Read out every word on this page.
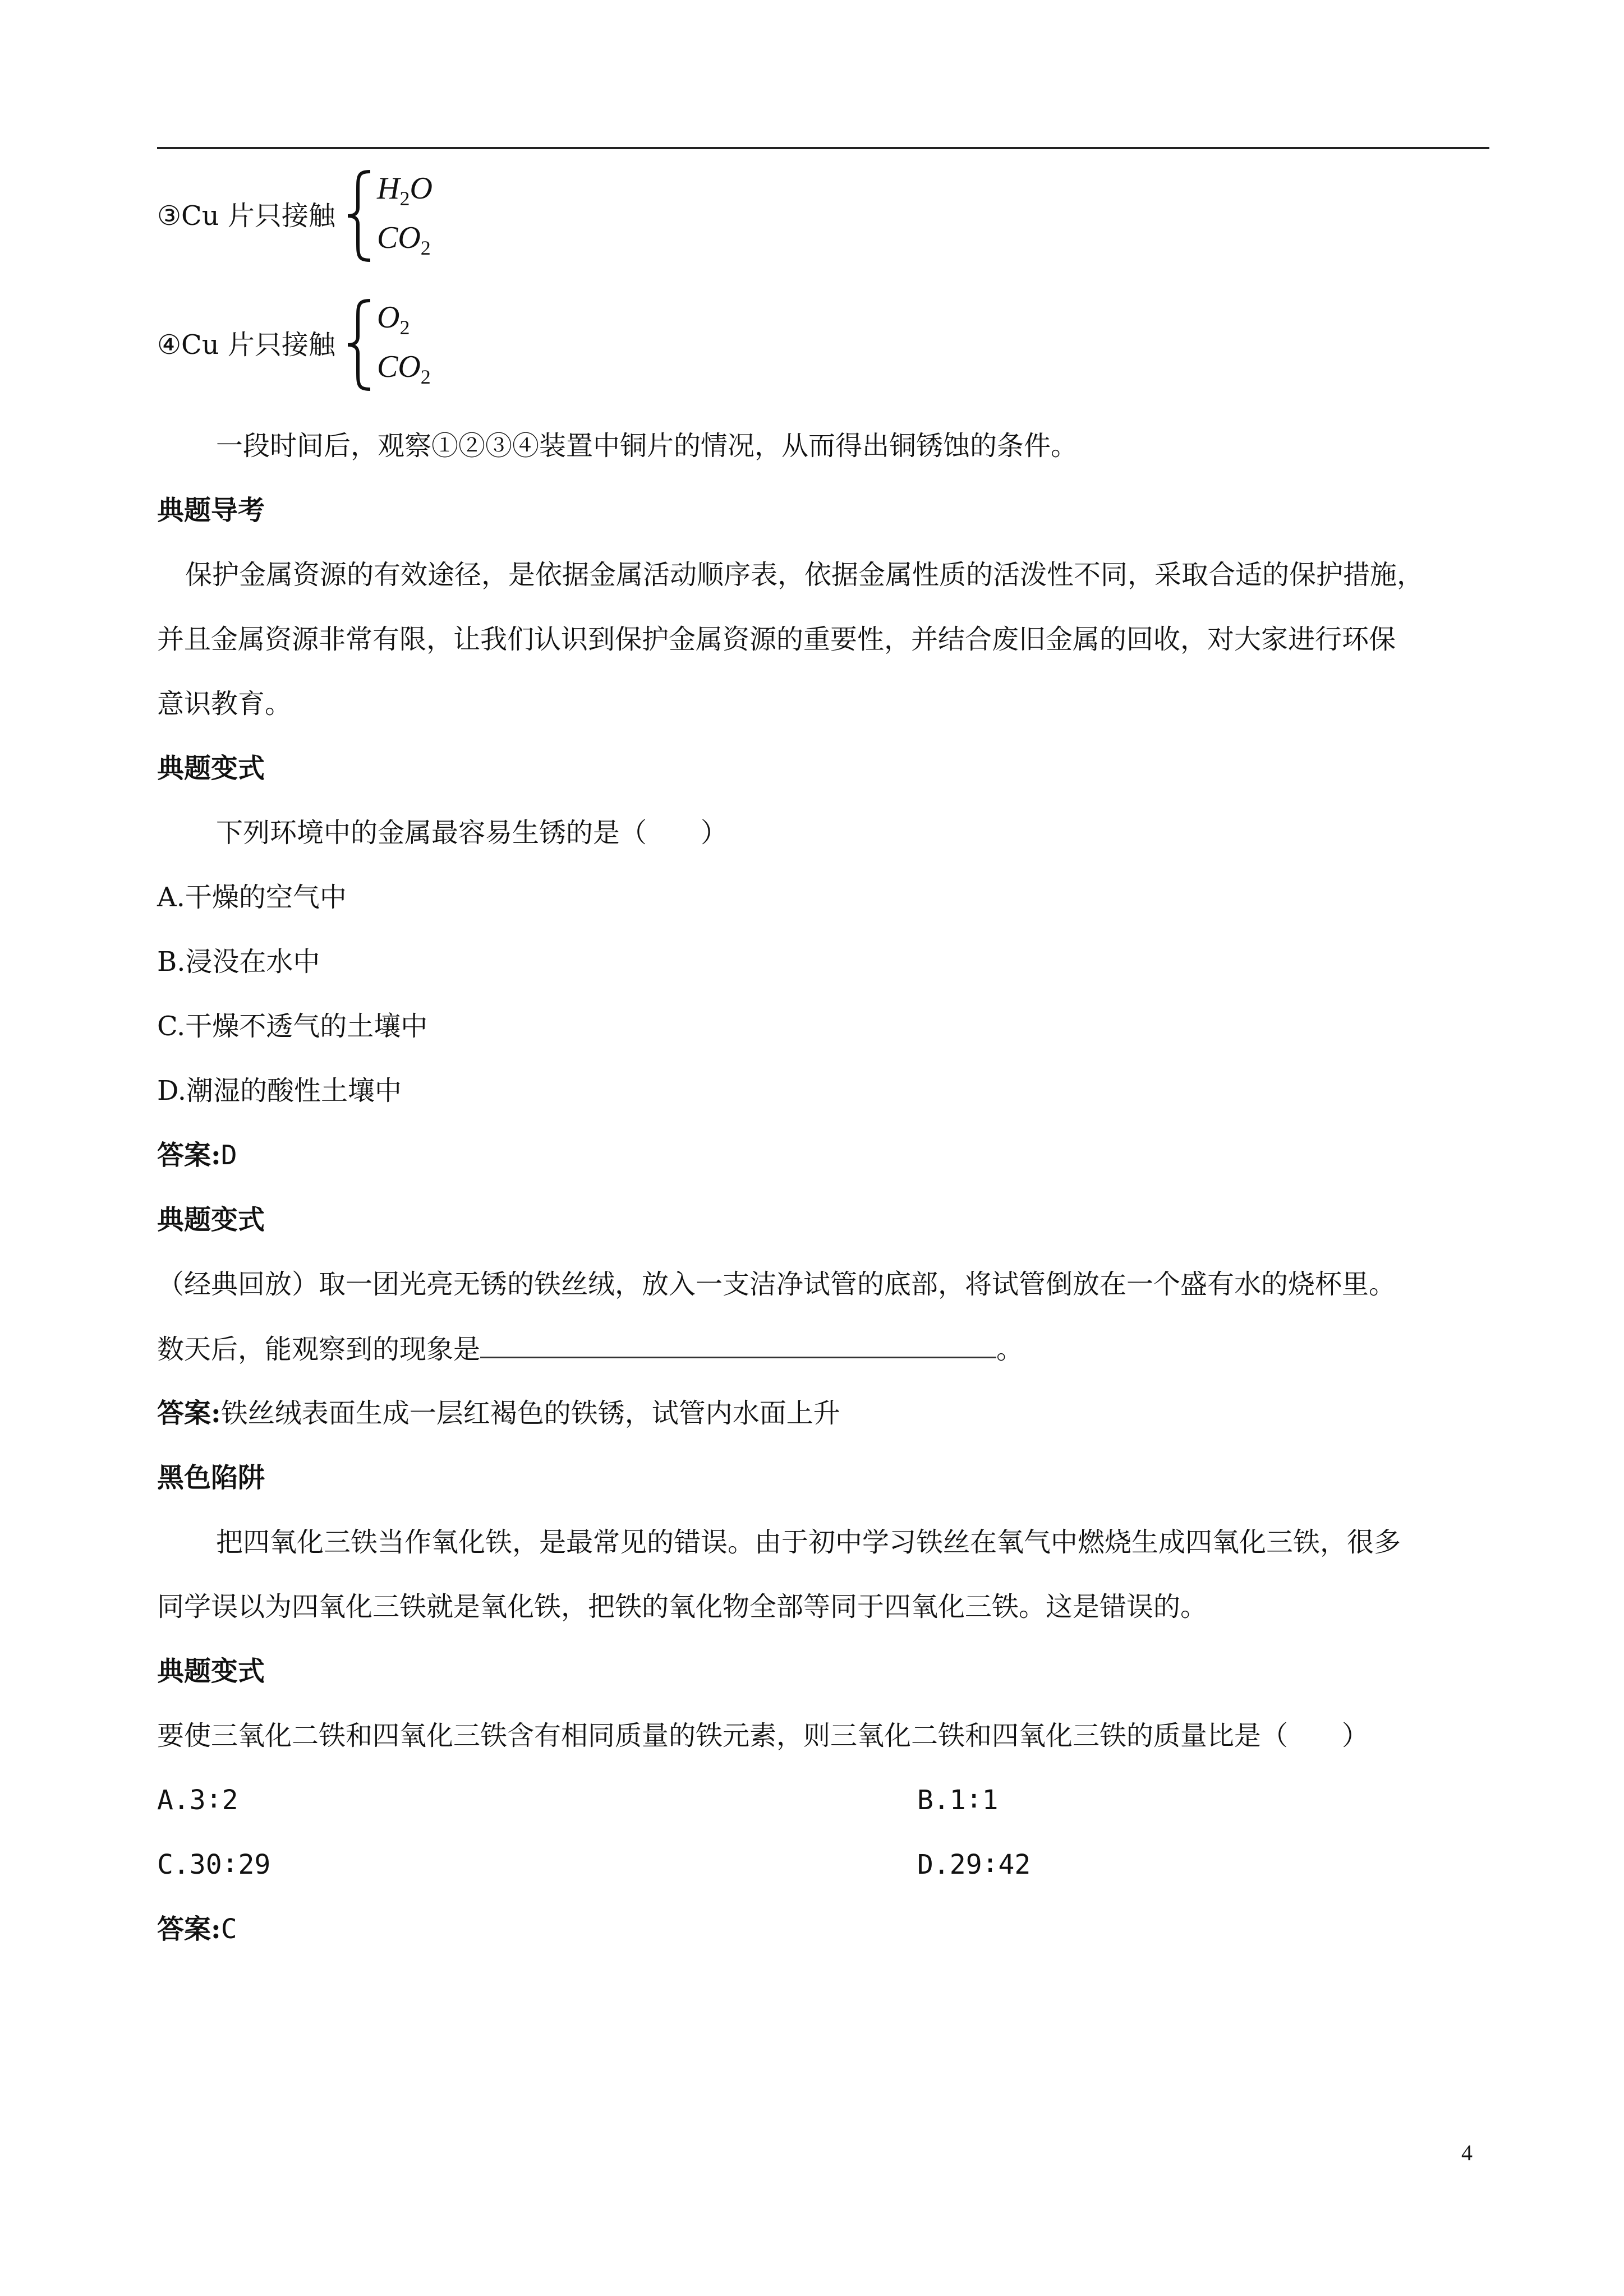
③Cu 片只接触
$H_2O$
$CO_2$
④Cu 片只接触
$O_2$
$CO_2$
一段时间后，观察①②③④装置中铜片的情况，从而得出铜锈蚀的条件。
典题导考
保护金属资源的有效途径，是依据金属活动顺序表，依据金属性质的活泼性不同，采取合适的保护措施，
并且金属资源非常有限，让我们认识到保护金属资源的重要性，并结合废旧金属的回收，对大家进行环保
意识教育。
典题变式
下列环境中的金属最容易生锈的是（　　）
A.干燥的空气中
B.浸没在水中
C.干燥不透气的土壤中
D.潮湿的酸性土壤中
答案:D
典题变式
（经典回放）取一团光亮无锈的铁丝绒，放入一支洁净试管的底部，将试管倒放在一个盛有水的烧杯里。
数天后，能观察到的现象是	。
答案:铁丝绒表面生成一层红褐色的铁锈，试管内水面上升
黑色陷阱
把四氧化三铁当作氧化铁，是最常见的错误。由于初中学习铁丝在氧气中燃烧生成四氧化三铁，很多
同学误以为四氧化三铁就是氧化铁，把铁的氧化物全部等同于四氧化三铁。这是错误的。
典题变式
要使三氧化二铁和四氧化三铁含有相同质量的铁元素，则三氧化二铁和四氧化三铁的质量比是（　　）
A.3∶2	B.1∶1
C.30∶29	D.29∶42
答案:C
4
